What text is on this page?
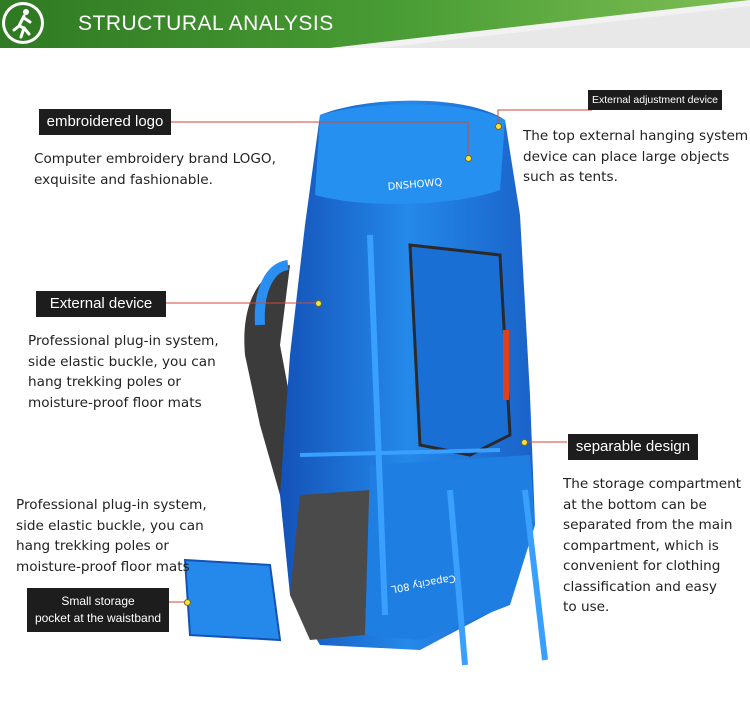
STRUCTURAL ANALYSIS
DNSHOWQ
Capacity 80L
embroidered logo
Computer embroidery brand LOGO,
exquisite and fashionable.
External adjustment device
The top external hanging system
device can place large objects
such as tents.
External device
Professional plug-in system,
side elastic buckle, you can
hang trekking poles or
moisture-proof floor mats
separable design
The storage compartment
at the bottom can be
separated from the main
compartment, which is
convenient for clothing
classification and easy
to use.
Professional plug-in system,
side elastic buckle, you can
hang trekking poles or
moisture-proof floor mats
Small storage
pocket at the waistband
